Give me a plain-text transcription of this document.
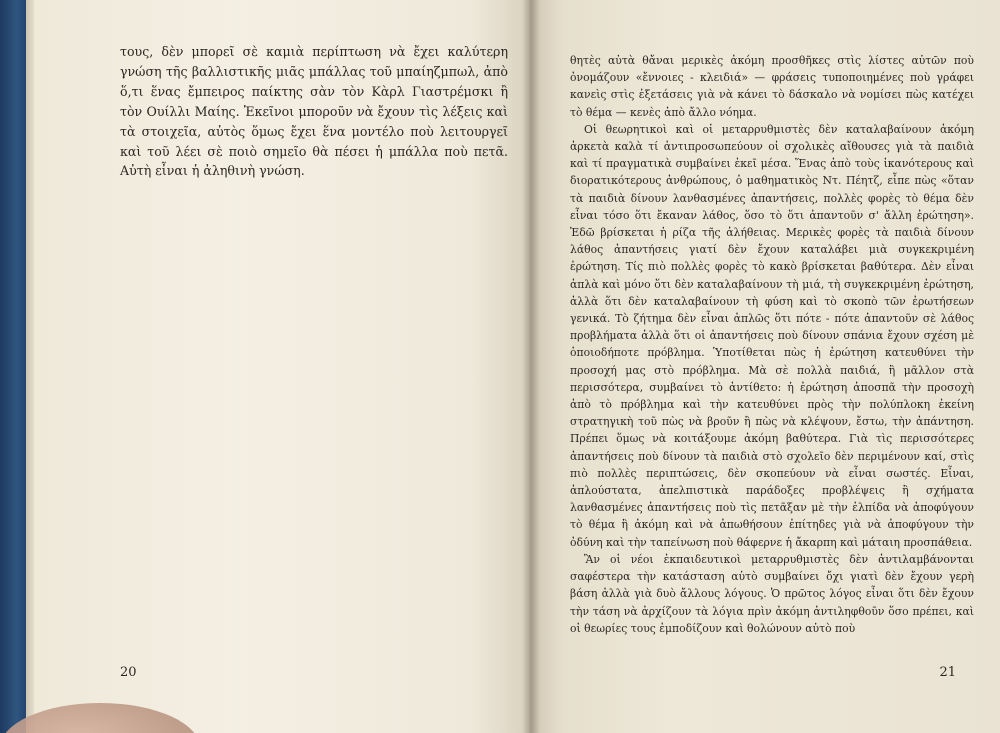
τους, δὲν μπορεῖ σὲ καμιὰ περίπτωση νὰ ἔχει καλύτερη γνώση τῆς βαλλιστικῆς μιᾶς μπάλλας τοῦ μπαίηζμπωλ, ἀπὸ ὅ,τι ἕνας ἔμπειρος παίκτης σὰν τὸν Κὰρλ Γιαστρέμσκι ἢ τὸν Ουίλλι Μαίης. Ἐκεῖνοι μποροῦν νὰ ἔχουν τὶς λέξεις καὶ τὰ στοιχεῖα, αὐτὸς ὅμως ἔχει ἕνα μοντέλο ποὺ λειτουργεῖ καὶ τοῦ λέει σὲ ποιὸ σημεῖο θὰ πέσει ἡ μπάλλα ποὺ πετᾶ. Αὐτὴ εἶναι ἡ ἀληθινὴ γνώση.

20

θητὲς αὐτὰ θἄναι μερικὲς ἀκόμη προσθῆκες στὶς λίστες αὐτῶν ποὺ ὀνομάζουν «ἔννοιες - κλειδιά» — φράσεις τυποποιημένες ποὺ γράφει κανεὶς στὶς ἐξετάσεις γιὰ νὰ κάνει τὸ δάσκαλο νὰ νομίσει πὼς κατέχει τὸ θέμα — κενὲς ἀπὸ ἄλλο νόημα.

Οἱ θεωρητικοὶ καὶ οἱ μεταρρυθμιστὲς δὲν καταλαβαίνουν ἀκόμη ἀρκετὰ καλὰ τί ἀντιπροσωπεύουν οἱ σχολικὲς αἴθουσες γιὰ τὰ παιδιὰ καὶ τί πραγματικὰ συμβαίνει ἐκεῖ μέσα. Ἕνας ἀπὸ τοὺς ἱκανότερους καὶ διορατικότερους ἀνθρώπους, ὁ μαθηματικὸς Ντ. Πέητζ, εἶπε πὼς «ὅταν τὰ παιδιὰ δίνουν λανθασμένες ἀπαντήσεις, πολλὲς φορὲς τὸ θέμα δὲν εἶναι τόσο ὅτι ἔκαναν λάθος, ὅσο τὸ ὅτι ἀπαντοῦν σ' ἄλλη ἐρώτηση». Ἐδῶ βρίσκεται ἡ ρίζα τῆς ἀλήθειας. Μερικὲς φορὲς τὰ παιδιὰ δίνουν λάθος ἀπαντήσεις γιατί δὲν ἔχουν καταλάβει μιὰ συγκεκριμένη ἐρώτηση. Τίς πιὸ πολλὲς φορὲς τὸ κακὸ βρίσκεται βαθύτερα. Δὲν εἶναι ἁπλὰ καὶ μόνο ὅτι δὲν καταλαβαίνουν τὴ μιά, τὴ συγκεκριμένη ἐρώτηση, ἀλλὰ ὅτι δὲν καταλαβαίνουν τὴ φύση καὶ τὸ σκοπὸ τῶν ἐρωτήσεων γενικά. Τὸ ζήτημα δὲν εἶναι ἁπλῶς ὅτι πότε - πότε ἀπαντοῦν σὲ λάθος προβλήματα ἀλλὰ ὅτι οἱ ἀπαντήσεις ποὺ δίνουν σπάνια ἔχουν σχέση μὲ ὁποιοδήποτε πρόβλημα. Ὑποτίθεται πὼς ἡ ἐρώτηση κατευθύνει τὴν προσοχή μας στὸ πρόβλημα. Μὰ σὲ πολλὰ παιδιά, ἢ μᾶλλον στὰ περισσότερα, συμβαίνει τὸ ἀντίθετο: ἡ ἐρώτηση ἀποσπᾶ τὴν προσοχὴ ἀπὸ τὸ πρόβλημα καὶ τὴν κατευθύνει πρὸς τὴν πολύπλοκη ἐκείνη στρατηγικὴ τοῦ πὼς νὰ βροῦν ἢ πὼς νὰ κλέψουν, ἔστω, τὴν ἀπάντηση. Πρέπει ὅμως νὰ κοιτάξουμε ἀκόμη βαθύτερα. Γιὰ τὶς περισσότερες ἀπαντήσεις ποὺ δίνουν τὰ παιδιὰ στὸ σχολεῖο δὲν περιμένουν καί, στὶς πιὸ πολλὲς περιπτώσεις, δὲν σκοπεύουν νὰ εἶναι σωστές. Εἶναι, ἁπλούστατα, ἀπελπιστικὰ παράδοξες προβλέψεις ἢ σχήματα λανθασμένες ἀπαντήσεις ποὺ τὶς πετᾶξαν μὲ τὴν ἐλπίδα νὰ ἀποφύγουν τὸ θέμα ἢ ἀκόμη καὶ νὰ ἀπωθήσουν ἐπίτηδες γιὰ νὰ ἀποφύγουν τὴν ὀδύνη καὶ τὴν ταπείνωση ποὺ θάφερνε ἡ ἄκαρπη καὶ μάταιη προσπάθεια.

Ἂν οἱ νέοι ἐκπαιδευτικοὶ μεταρρυθμιστὲς δὲν ἀντιλαμβάνονται σαφέστερα τὴν κατάσταση αὐτὸ συμβαίνει ὄχι γιατὶ δὲν ἔχουν γερὴ βάση ἀλλὰ γιὰ δυὸ ἄλλους λόγους. Ὁ πρῶτος λόγος εἶναι ὅτι δὲν ἔχουν τὴν τάση νὰ ἀρχίζουν τὰ λόγια πρὶν ἀκόμη ἀντιληφθοῦν ὅσο πρέπει, καὶ οἱ θεωρίες τους ἐμποδίζουν καὶ θολώνουν αὐτὸ ποὺ

21
